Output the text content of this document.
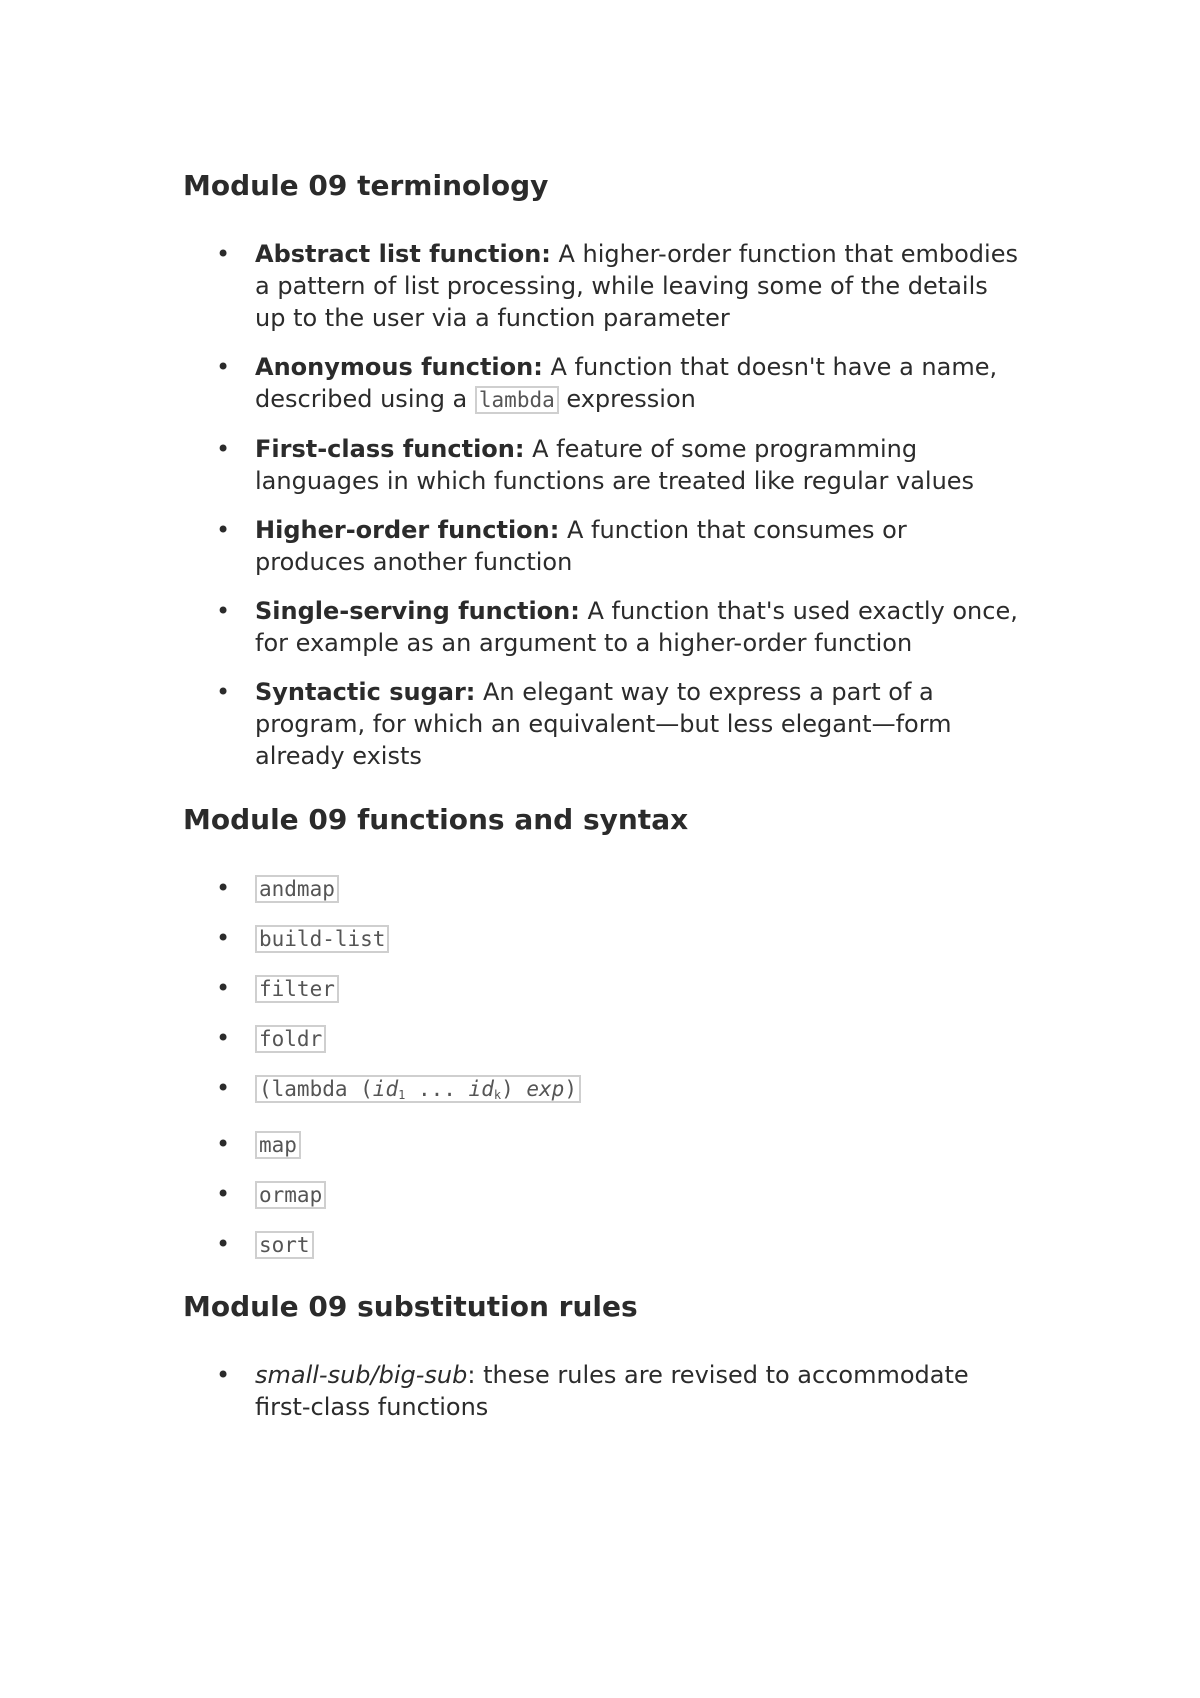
Module 09 terminology
• Abstract list function: A higher-order function that embodies a pattern of list processing, while leaving some of the details up to the user via a function parameter
• Anonymous function: A function that doesn't have a name, described using a lambda expression
• First-class function: A feature of some programming languages in which functions are treated like regular values
• Higher-order function: A function that consumes or produces another function
• Single-serving function: A function that's used exactly once, for example as an argument to a higher-order function
• Syntactic sugar: An elegant way to express a part of a program, for which an equivalent—but less elegant—form already exists
Module 09 functions and syntax
• andmap
• build-list
• filter
• foldr
• (lambda ($id_1$ ... $id_k$) exp)
• map
• ormap
• sort
Module 09 substitution rules
• small-sub/big-sub: these rules are revised to accommodate first-class functions
